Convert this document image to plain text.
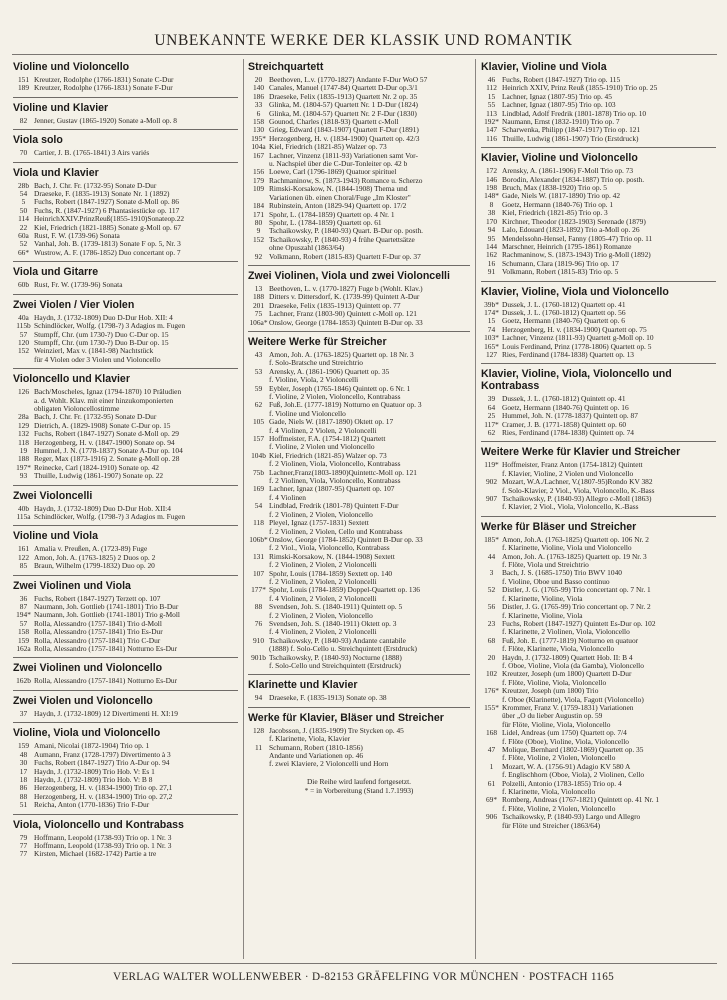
UNBEKANNTE WERKE DER KLASSIK UND ROMANTIK
Violine und Violoncello
151 Kreutzer, Rodolphe (1766-1831) Sonate C-Dur
189 Kreutzer, Rodolphe (1766-1831) Sonate F-Dur
Violine und Klavier
82 Jenner, Gustav (1865-1920) Sonate a-Moll op. 8
Viola solo
70 Cartier, J. B. (1765-1841) 3 Airs variés
Viola und Klavier
28b Bach, J. Chr. Fr. (1732-95) Sonate D-Dur
54 Draeseke, F. (1835-1913) Sonate Nr. 1 (1892)
5	Fuchs, Robert (1847-1927) Sonate d-Moll op. 86
50 Fuchs, R. (1847-1927) 6 Phantasiestücke op. 117
114 HeinrichXXIV.PrinzReuß(1855-1910)Sonateop.22
22 Kiel, Friedrich (1821-1885) Sonate g-Moll op. 67
60a Rust, F. W. (1739-96) Sonata
52 Vanhal, Joh. B. (1739-1813) Sonate F op. 5, Nr. 3
66* Wustrow, A. F. (1786-1852) Duo concertant op. 7
Viola und Gitarre
60b Rust, Fr. W. (1739-96) Sonata
Zwei Violen / Vier Violen
40a Haydn, J. (1732-1809) Duo D-Dur Hob. XII: 4
115b Schindlöcker, Wolfg. (1798-?) 3 Adagios m. Fugen
57 Stumpff, Chr. (um 1730-?) Duo C-Dur op. 15
120 Stumpff, Chr. (um 1730-?) Duo B-Dur op. 15
152 Weinzierl, Max v. (1841-98) Nachtstück
für 4 Violen oder 3 Violen und Violoncello
Violoncello und Klavier
126 Bach/Moscheles, Ignaz (1794-1870) 10 Präludien
a. d. Wohlt. Klav. mit einer hinzukomponierten
obligaten Violoncellostimme
28a Bach, J. Chr. Fr. (1732-95) Sonate D-Dur
129 Dietrich, A. (1829-1908) Sonate C-Dur op. 15
132 Fuchs, Robert (1847-1927) Sonate d-Moll op. 29
118 Herzogenberg, H. v. (1847-1900) Sonate op. 94
19 Hummel, J. N. (1778-1837) Sonate A-Dur op. 104
188 Reger, Max (1873-1916) 2. Sonate g-Moll op. 28
197* Reinecke, Carl (1824-1910) Sonate op. 42
93 Thuille, Ludwig (1861-1907) Sonate op. 22
Zwei Violoncelli
40b Haydn, J. (1732-1809) Duo D-Dur Hob. XII:4
115a Schindlöcker, Wolfg. (1798-?) 3 Adagios m. Fugen
Violine und Viola
161 Amalia v. Preußen, A. (1723-89) Fuge
122 Amon, Joh. A. (1763-1825) 2 Duos op. 2
85 Braun, Wilhelm (1799-1832) Duo op. 20
Zwei Violinen und Viola
36 Fuchs, Robert (1847-1927) Terzett op. 107
87 Naumann, Joh. Gottlieb (1741-1801) Trio B-Dur
194* Naumann, Joh. Gottlieb (1741-1801) Trio g-Moll
57 Rolla, Alessandro (1757-1841) Trio d-Moll
158 Rolla, Alessandro (1757-1841) Trio Es-Dur
159 Rolla, Alessandro (1757-1841) Trio C-Dur
162a Rolla, Alessandro (1757-1841) Notturno Es-Dur
Zwei Violinen und Violoncello
162b Rolla, Alessandro (1757-1841) Notturno Es-Dur
Zwei Violen und Violoncello
37 Haydn, J. (1732-1809) 12 Divertimenti H. XI:19
Violine, Viola und Violoncello
159 Amani, Nicolai (1872-1904) Trio op. 1
48 Aumann, Franz (1728-1797) Divertimento à 3
30 Fuchs, Robert (1847-1927) Trio A-Dur op. 94
17 Haydn, J. (1732-1809) Trio Hob. V: Es 1
18 Haydn, J. (1732-1809) Trio Hob. V: B 8
86 Herzogenberg, H. v. (1834-1900) Trio op. 27,1
88 Herzogenberg, H. v. (1834-1900) Trio op. 27,2
51 Reicha, Anton (1770-1836) Trio F-Dur
Viola, Violoncello und Kontrabass
79 Hoffmann, Leopold (1738-93) Trio op. 1 Nr. 3
77 Hoffmann, Leopold (1738-93) Trio op. 1 Nr. 3
77 Kirsten, Michael (1682-1742) Partie a tre
Streichquartett
20 Beethoven, L.v. (1770-1827) Andante F-Dur WoO 57
140 Canales, Manuel (1747-84) Quartett D-Dur op.3/1
186 Draeseke, Felix (1835-1913) Quartett Nr. 2 op. 35
33 Glinka, M. (1804-57) Quartett Nr. 1 D-Dur (1824)
6	Glinka, M. (1804-57) Quartett Nr. 2 F-Dur (1830)
158 Gounod, Charles (1818-93) Quartett c-Moll
130 Grieg, Edward (1843-1907) Quartett F-Dur (1891)
195* Herzogenberg, H. v. (1834-1900) Quartett op. 42/3
104a Kiel, Friedrich (1821-85) Walzer op. 73
167 Lachner, Vinzenz (1811-93) Variationen samt Vor-
u. Nachspiel über die C-Dur-Tonleiter op. 42 b
156 Loewe, Carl (1796-1869) Quatuor spirituel
179 Rachmaninow, S. (1873-1943) Romance u. Scherzo
109 Rimski-Korsakow, N. (1844-1908) Thema und
Variationen üb. einen Choral/Fuge „Im Kloster"
184 Rubinstein, Anton (1829-94) Quartett op. 17/2
171 Spohr, L. (1784-1859) Quartett op. 4 Nr. 1
80 Spohr, L. (1784-1859) Quartett op. 61
9	Tschaikowsky, P. (1840-93) Quart. B-Dur op. posth.
152 Tschaikowsky, P. (1840-93) 4 frühe Quartettsätze
ohne Opuszahl (1863/64)
92 Volkmann, Robert (1815-83) Quartett F-Dur op. 37
Zwei Violinen, Viola und zwei Violoncelli
13 Beethoven, L. v. (1770-1827) Fuge b (Wohlt. Klav.)
188 Ditters v. Dittersdorf, K. (1739-99) Quintett A-Dur
201 Draeseke, Felix (1835-1913) Quintett op. 77
75 Lachner, Franz (1803-90) Quintett c-Moll op. 121
106a* Onslow, George (1784-1853) Quintett B-Dur op. 33
Weitere Werke für Streicher
43 Amon, Joh. A. (1763-1825) Quartett op. 18 Nr. 3
f. Solo-Bratsche und Streichtrio
53 Arensky, A. (1861-1906) Quartett op. 35
f. Violine, Viola, 2 Violoncelli
59 Eybler, Joseph (1765-1846) Quintett op. 6 Nr. 1
f. Violine, 2 Violen, Violoncello, Kontrabass
62 Fuß, Joh.E. (1777-1819) Notturno en Quatuor op. 3
f. Violine und Violoncello
105 Gade, Niels W. (1817-1890) Oktett op. 17
f. 4 Violinen, 2 Violen, 2 Violoncelli
157 Hoffmeister, F.A. (1754-1812) Quartett
f. Violine, 2 Violen und Violoncello
104b Kiel, Friedrich (1821-85) Walzer op. 73
f. 2 Violinen, Viola, Violoncello, Kontrabass
75b Lachner,Franz(1803-1890)Quintettc-Moll op. 121
f. 2 Violinen, Viola, Violoncello, Kontrabass
169 Lachner, Ignaz (1807-95) Quartett op. 107
f. 4 Violinen
54 Lindblad, Fredrik (1801-78) Quintett F-Dur
f. 2 Violinen, 2 Violen, Violoncello
118 Pleyel, Ignaz (1757-1831) Sextett
f. 2 Violinen, 2 Violen, Cello und Kontrabass
106b* Onslow, George (1784-1852) Quintett B-Dur op. 33
f. 2 Viol., Viola, Violoncello, Kontrabass
131 Rimski-Korsakow, N. (1844-1908) Sextett
f. 2 Violinen, 2 Violen, 2 Violoncelli
107 Spohr, Louis (1784-1859) Sextett op. 140
f. 2 Violinen, 2 Violen, 2 Violoncelli
177* Spohr, Louis (1784-1859) Doppel-Quartett op. 136
f. 4 Violinen, 2 Violen, 2 Violoncelli
88 Svendsen, Joh. S. (1840-1911) Quintett op. 5
f. 2 Violinen, 2 Violen, Violoncello
76 Svendsen, Joh. S. (1840-1911) Oktett op. 3
f. 4 Violinen, 2 Violen, 2 Violoncelli
910 Tschaikowsky, P. (1840-93) Andante cantabile
(1888) f. Solo-Cello u. Streichquintett (Erstdruck)
901b Tschaikowsky, P. (1840-93) Nocturne (1888)
f. Solo-Cello und Streichquintett (Erstdruck)
Klarinette und Klavier
94 Draeseke, F. (1835-1913) Sonate op. 38
Werke für Klavier, Bläser und Streicher
128 Jacobsson, J. (1835-1909) Tre Stycken op. 45
f. Klarinette, Viola, Klavier
11 Schumann, Robert (1810-1856)
Andante und Variationen op. 46
f. zwei Klaviere, 2 Violoncelli und Horn
Die Reihe wird laufend fortgesetzt.
* = in Vorbereitung (Stand 1.7.1993)
Klavier, Violine und Viola
46 Fuchs, Robert (1847-1927) Trio op. 115
112 Heinrich XXIV, Prinz Reuß (1855-1910) Trio op. 25
15 Lachner, Ignaz (1807-95) Trio op. 45
55 Lachner, Ignaz (1807-95) Trio op. 103
113 Lindblad, Adolf Fredrik (1801-1878) Trio op. 10
192* Naumann, Ernst (1832-1910) Trio op. 7
147 Scharwenka, Philipp (1847-1917) Trio op. 121
116 Thuille, Ludwig (1861-1907) Trio (Erstdruck)
Klavier, Violine und Violoncello
172 Arensky, A. (1861-1906) F-Moll Trio op. 73
146 Borodin, Alexander (1834-1887) Trio op. posth.
198 Bruch, Max (1838-1920) Trio op. 5
148* Gade, Niels W. (1817-1890) Trio op. 42
8	Goetz, Hermann (1840-76) Trio op. 1
38 Kiel, Friedrich (1821-85) Trio op. 3
170 Kirchner, Theodor (1823-1903) Serenade (1879)
94 Lalo, Edouard (1823-1892) Trio a-Moll op. 26
95 Mendelssohn-Hensel, Fanny (1805-47) Trio op. 11
144 Marschner, Heinrich (1795-1861) Romanze
162 Rachmaninow, S. (1873-1943) Trio g-Moll (1892)
16 Schumann, Clara (1819-96) Trio op. 17
91 Volkmann, Robert (1815-83) Trio op. 5
Klavier, Violine, Viola und Violoncello
39b* Dussek, J. L. (1760-1812) Quartett op. 41
174* Dussek, J. L. (1760-1812) Quartett op. 56
15 Goetz, Hermann (1840-76) Quartett op. 6
74 Herzogenberg, H. v. (1834-1900) Quartett op. 75
103* Lachner, Vinzenz (1811-93) Quartett g-Moll op. 10
165* Louis Ferdinand, Prinz (1778-1806) Quartett op. 5
127 Ries, Ferdinand (1784-1838) Quartett op. 13
Klavier, Violine, Viola, Violoncello und Kontrabass
39 Dussek, J. L. (1760-1812) Quintett op. 41
64 Goetz, Hermann (1840-76) Quintett op. 16
25 Hummel, Joh. N. (1778-1837) Quintett op. 87
117* Cramer, J. B. (1771-1858) Quintett op. 60
62 Ries, Ferdinand (1784-1838) Quintett op. 74
Weitere Werke für Klavier und Streicher
119* Hoffmeister, Franz Anton (1754-1812) Quintett
f. Klavier, Violine, 2 Violen und Violoncello
902 Mozart, W.A./Lachner, V.(1807-95)Rondo KV 382
f. Solo-Klavier, 2 Viol., Viola, Violoncello, K.-Bass
907 Tschaikowsky, P. (1840-93) Allegro c-Moll (1863)
f. Klavier, 2 Viol., Viola, Violoncello, K.-Bass
Werke für Bläser und Streicher
185* Amon, Joh.A. (1763-1825) Quartett op. 106 Nr. 2
f. Klarinette, Violine, Viola und Violoncello
44 Amon, Joh. A. (1763-1825) Quartett op. 19 Nr. 3
f. Flöte, Viola und Streichtrio
3	Bach, J. S. (1685-1750) Trio BWV 1040
f. Violine, Oboe und Basso continuo
52 Distler, J. G. (1765-99) Trio concertant op. 7 Nr. 1
f. Klarinette, Violine, Viola
56 Distler, J. G. (1765-99) Trio concertant op. 7 Nr. 2
f. Klarinette, Violine, Viola
23 Fuchs, Robert (1847-1927) Quintett Es-Dur op. 102
f. Klarinette, 2 Violinen, Viola, Violoncello
68 Fuß, Joh. E. (1777-1819) Notturno en quatuor
f. Flöte, Klarinette, Viola, Violoncello
20 Haydn, J. (1732-1809) Quartett Hob. II: B 4
f. Oboe, Violine, Viola (da Gamba), Violoncello
102 Kreutzer, Joseph (um 1800) Quartett D-Dur
f. Flöte, Violine, Viola, Violoncello
176* Kreutzer, Joseph (um 1800) Trio
f. Oboe (Klarinette), Viola, Fagott (Violoncello)
155* Krommer, Franz V. (1759-1831) Variationen
über „O du lieber Augustin op. 59
für Flöte, Violine, Viola, Violoncello
168 Lidel, Andreas (um 1750) Quartett op. 7/4
f. Flöte (Oboe), Violine, Viola, Violoncello
47 Molique, Bernhard (1802-1869) Quartett op. 35
f. Flöte, Violine, 2 Violen, Violoncello
1	Mozart, W. A. (1756-91) Adagio KV 580 A
f. Englischhorn (Oboe, Viola), 2 Violinen, Cello
61 Polzelli, Antonio (1783-1855) Trio op. 4
f. Klarinette, Viola, Violoncello
69* Romberg, Andreas (1767-1821) Quintett op. 41 Nr. 1
f. Flöte, Violine, 2 Violen, Violoncello
906 Tschaikowsky, P. (1840-93) Largo und Allegro
für Flöte und Streicher (1863/64)
VERLAG WALTER WOLLENWEBER · D-82153 GRÄFELFING VOR MÜNCHEN · POSTFACH 1165
